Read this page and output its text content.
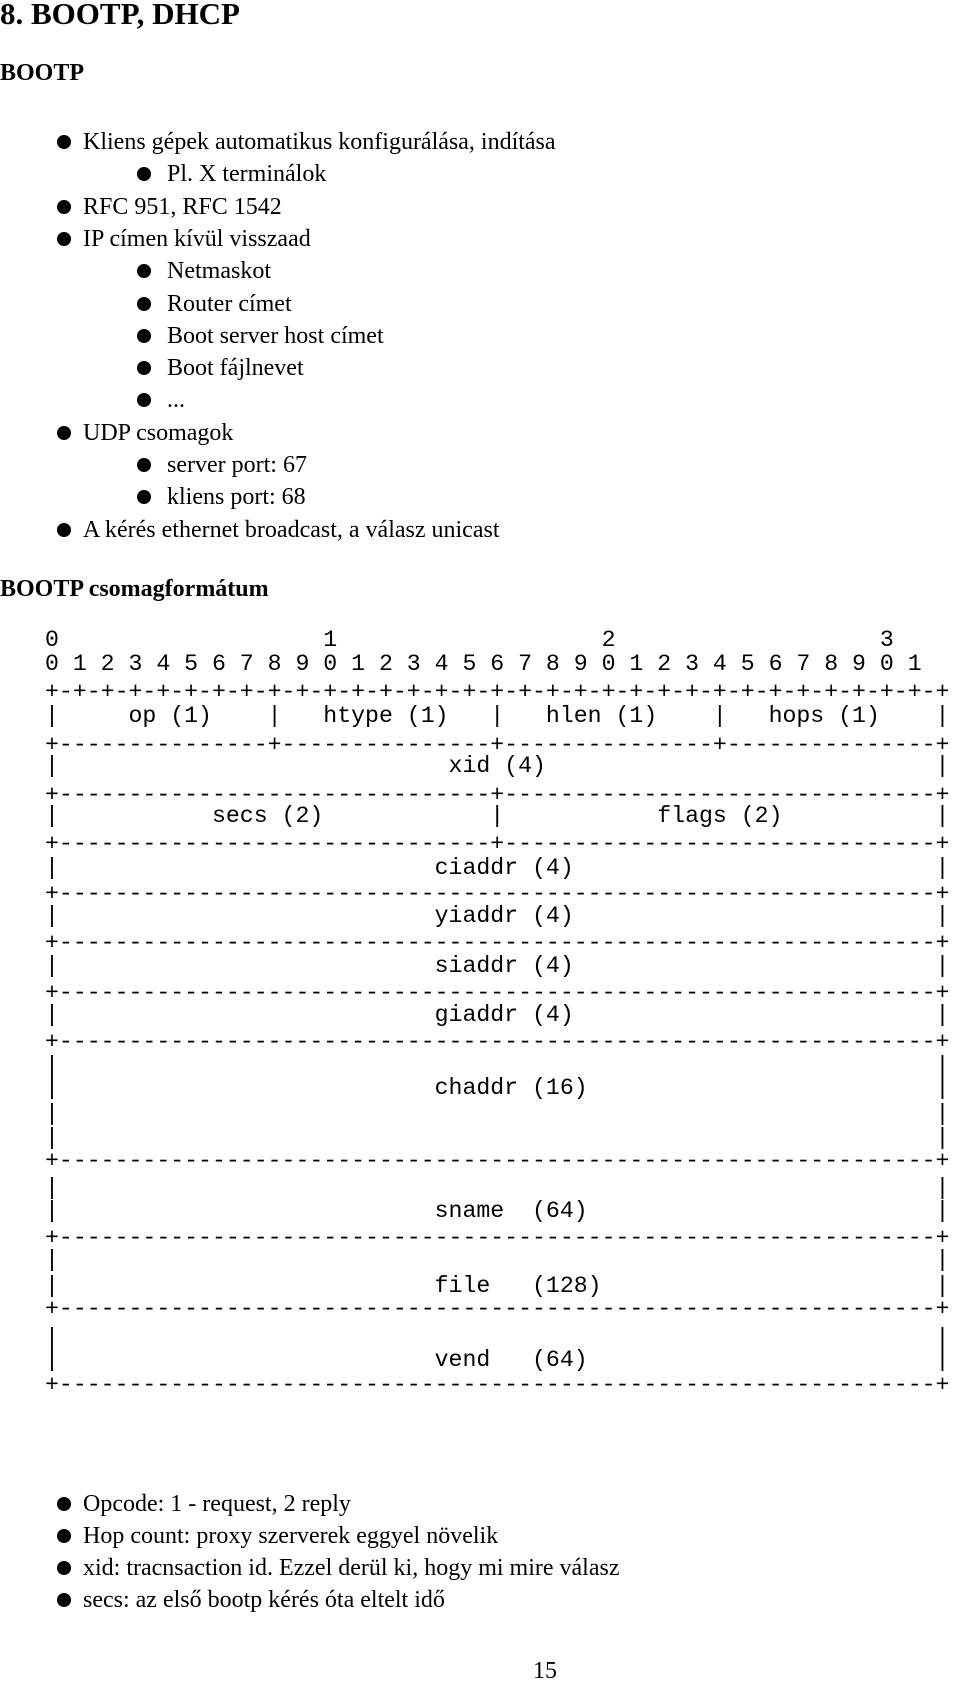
8. BOOTP, DHCP
BOOTP
Kliens gépek automatikus konfigurálása, indítása
Pl. X terminálok
RFC 951, RFC 1542
IP címen kívül visszaad
Netmaskot
Router címet
Boot server host címet
Boot fájlnevet
...
UDP csomagok
server port: 67
kliens port: 68
A kérés ethernet broadcast, a válasz unicast
BOOTP csomagformátum
0                   1                   2                   3
0 1 2 3 4 5 6 7 8 9 0 1 2 3 4 5 6 7 8 9 0 1 2 3 4 5 6 7 8 9 0 1
+-+-+-+-+-+-+-+-+-+-+-+-+-+-+-+-+-+-+-+-+-+-+-+-+-+-+-+-+-+-+-+-+
|     op (1)    |   htype (1)   |   hlen (1)    |   hops (1)    |
+---------------+---------------+---------------+---------------+
|                            xid (4)                            |
+-------------------------------+-------------------------------+
|           secs (2)            |           flags (2)           |
+-------------------------------+-------------------------------+
|                           ciaddr (4)                          |
+---------------------------------------------------------------+
|                           yiaddr (4)                          |
+---------------------------------------------------------------+
|                           siaddr (4)                          |
+---------------------------------------------------------------+
|                           giaddr (4)                          |
+---------------------------------------------------------------+
|                                                               |
|                           chaddr (16)                         |
|                                                               |
|                                                               |
+---------------------------------------------------------------+
|                                                               |
|                           sname  (64)                         |
+---------------------------------------------------------------+
|                                                               |
|                           file   (128)                        |
+---------------------------------------------------------------+
|                                                               |
|                           vend   (64)                         |
+---------------------------------------------------------------+
Opcode: 1 - request, 2 reply
Hop count: proxy szerverek eggyel növelik
xid: tracnsaction id. Ezzel derül ki, hogy mi mire válasz
secs: az első bootp kérés óta eltelt idő
15
